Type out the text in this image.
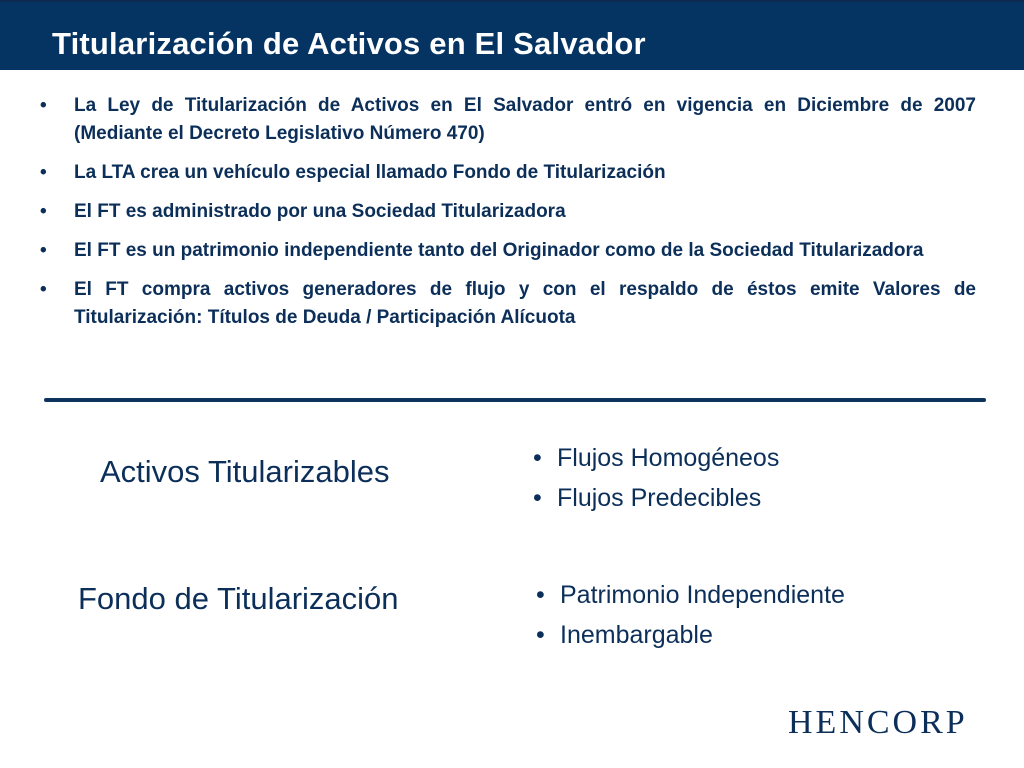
Titularización de Activos en El Salvador
• La Ley de Titularización de Activos en El Salvador entró en vigencia en Diciembre de 2007 (Mediante el Decreto Legislativo Número 470)
• La LTA crea un vehículo especial llamado Fondo de Titularización
• El FT es administrado por una Sociedad Titularizadora
• El FT es un patrimonio independiente tanto del Originador como de la Sociedad Titularizadora
• El FT compra activos generadores de flujo y con el respaldo de éstos emite Valores de Titularización: Títulos de Deuda / Participación Alícuota
Activos Titularizables	• Flujos Homogéneos
• Flujos Predecibles
Fondo de Titularización	• Patrimonio Independiente
• Inembargable
HENCORP
